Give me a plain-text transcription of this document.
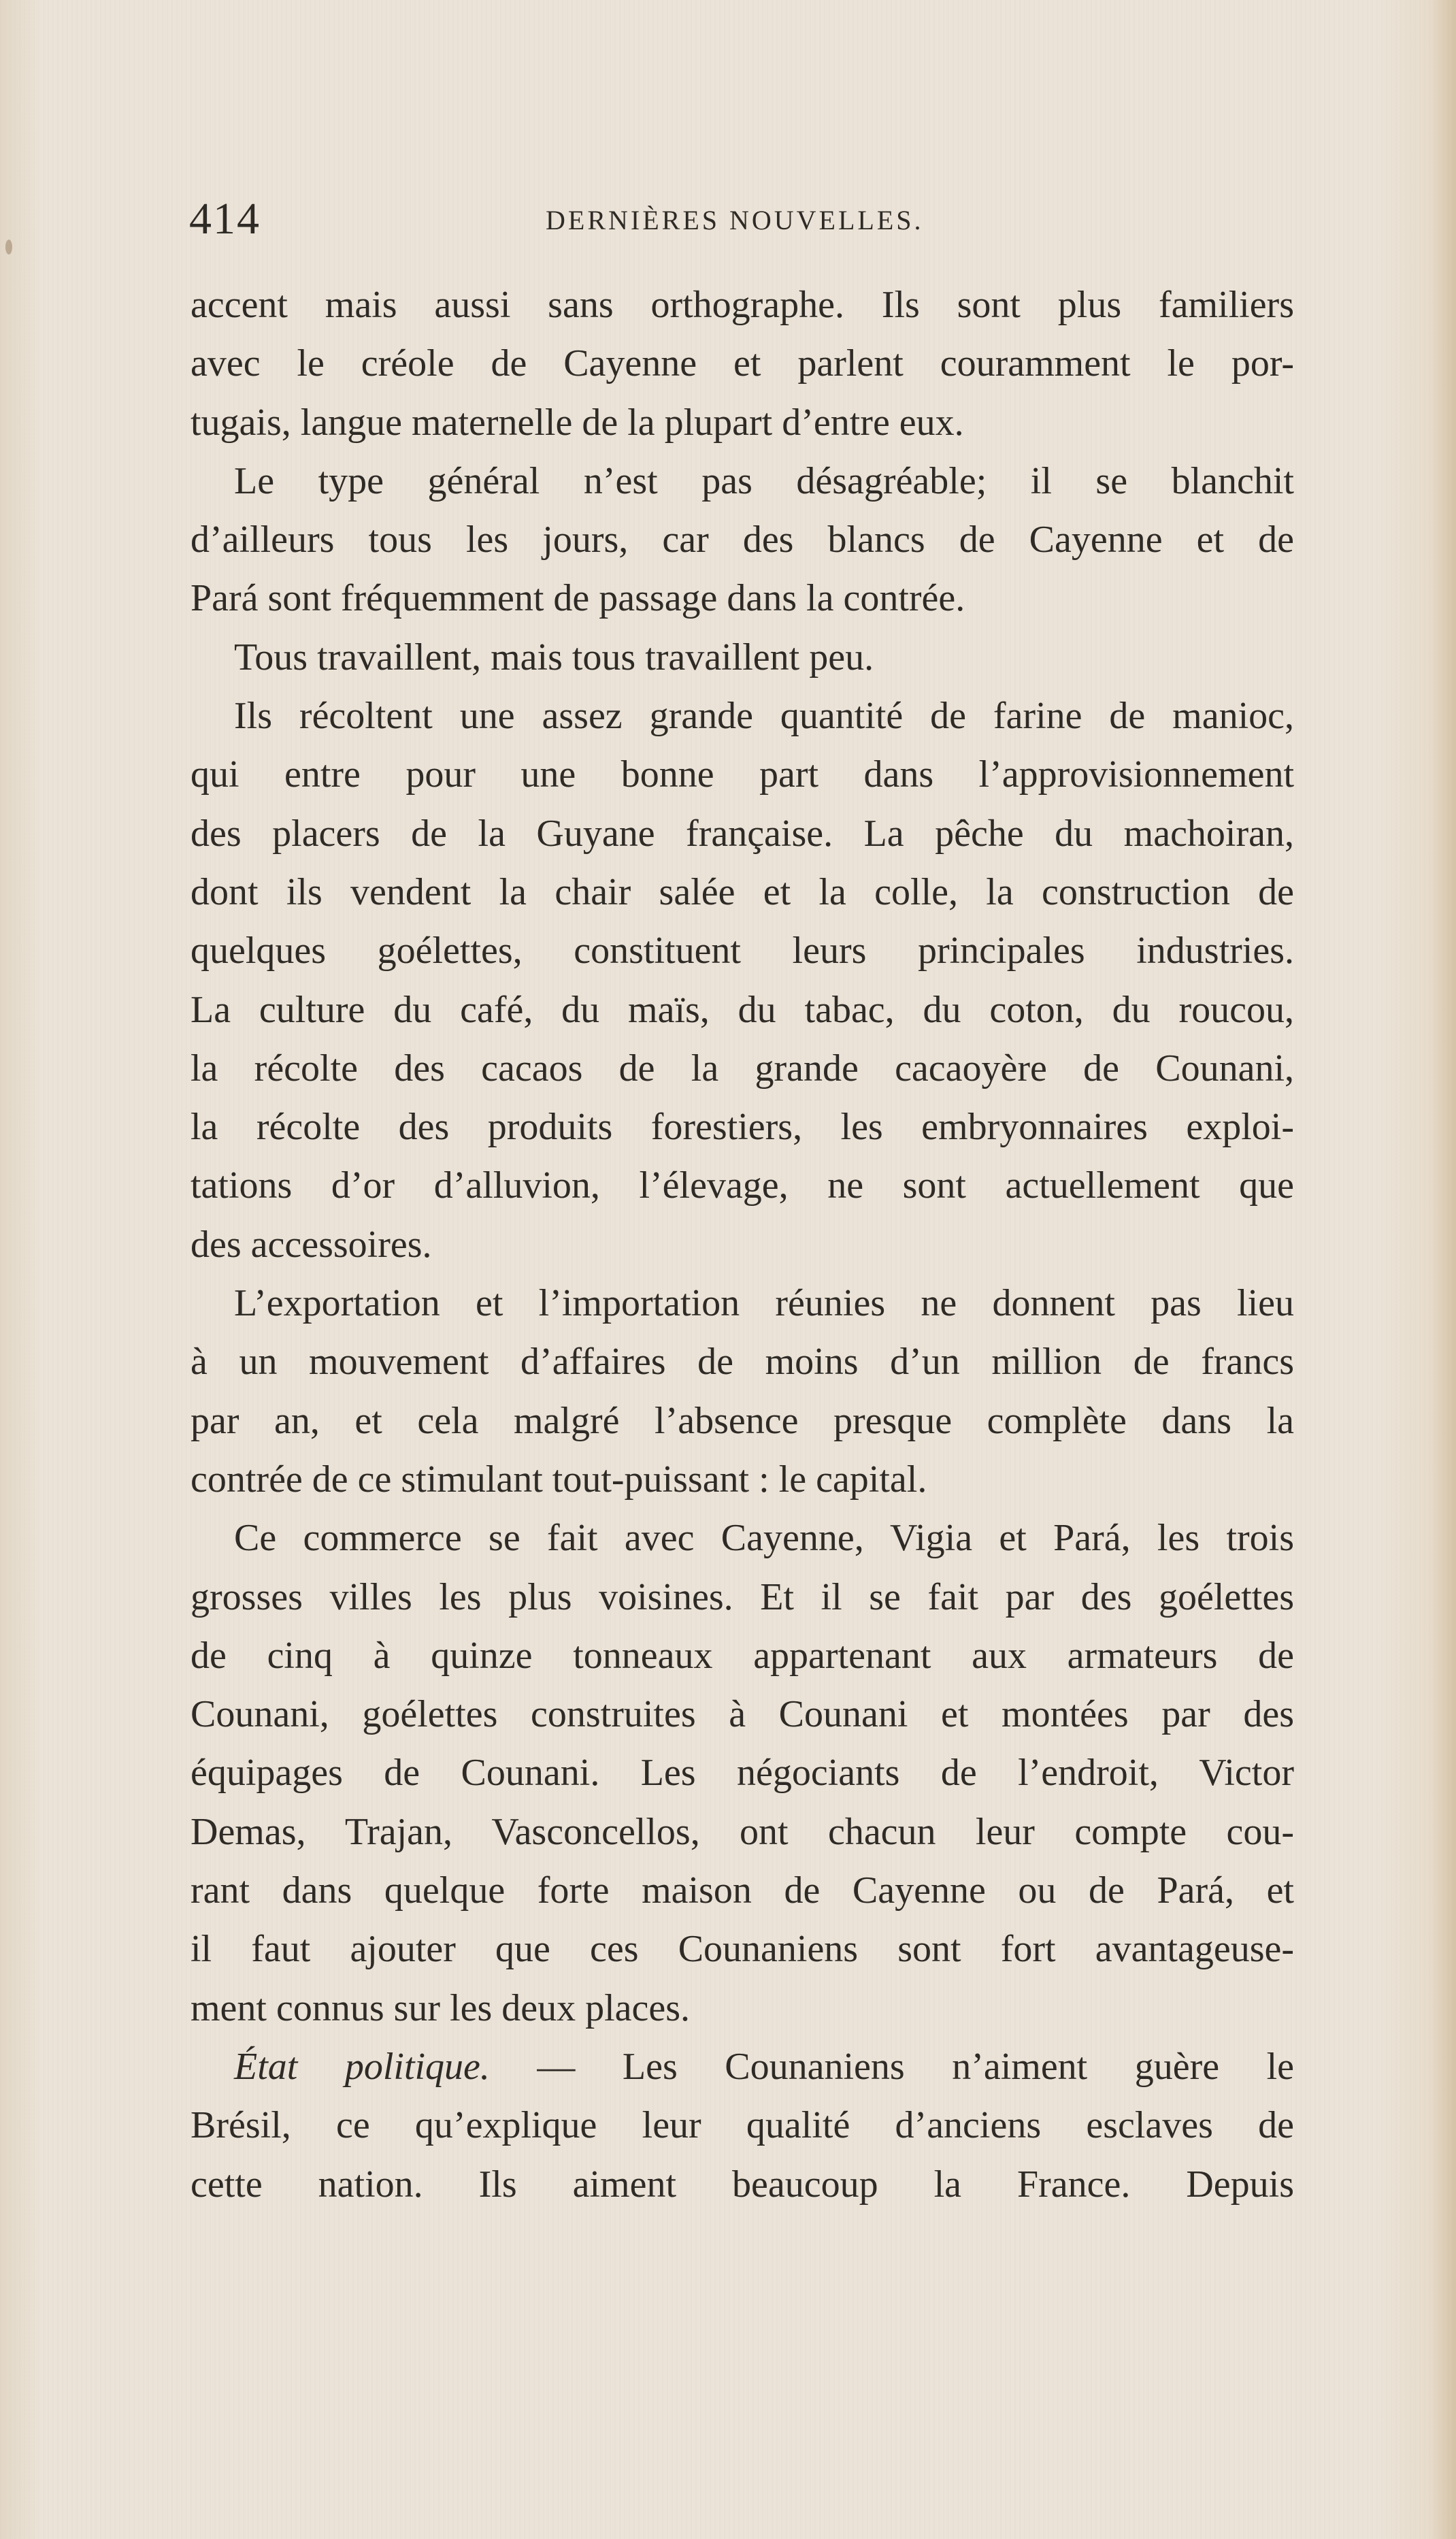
414	DERNIÈRES NOUVELLES.
accent mais aussi sans orthographe. Ils sont plus familiers
avec le créole de Cayenne et parlent couramment le por-
tugais, langue maternelle de la plupart d’entre eux.
Le type général n’est pas désagréable; il se blanchit
d’ailleurs tous les jours, car des blancs de Cayenne et de
Pará sont fréquemment de passage dans la contrée.
Tous travaillent, mais tous travaillent peu.
Ils récoltent une assez grande quantité de farine de manioc,
qui entre pour une bonne part dans l’approvisionnement
des placers de la Guyane française. La pêche du machoiran,
dont ils vendent la chair salée et la colle, la construction de
quelques goélettes, constituent leurs principales industries.
La culture du café, du maïs, du tabac, du coton, du roucou,
la récolte des cacaos de la grande cacaoyère de Counani,
la récolte des produits forestiers, les embryonnaires exploi-
tations d’or d’alluvion, l’élevage, ne sont actuellement que
des accessoires.
L’exportation et l’importation réunies ne donnent pas lieu
à un mouvement d’affaires de moins d’un million de francs
par an, et cela malgré l’absence presque complète dans la
contrée de ce stimulant tout-puissant : le capital.
Ce commerce se fait avec Cayenne, Vigia et Pará, les trois
grosses villes les plus voisines. Et il se fait par des goélettes
de cinq à quinze tonneaux appartenant aux armateurs de
Counani, goélettes construites à Counani et montées par des
équipages de Counani. Les négociants de l’endroit, Victor
Demas, Trajan, Vasconcellos, ont chacun leur compte cou-
rant dans quelque forte maison de Cayenne ou de Pará, et
il faut ajouter que ces Counaniens sont fort avantageuse-
ment connus sur les deux places.
État politique. — Les Counaniens n’aiment guère le
Brésil, ce qu’explique leur qualité d’anciens esclaves de
cette nation. Ils aiment beaucoup la France. Depuis
